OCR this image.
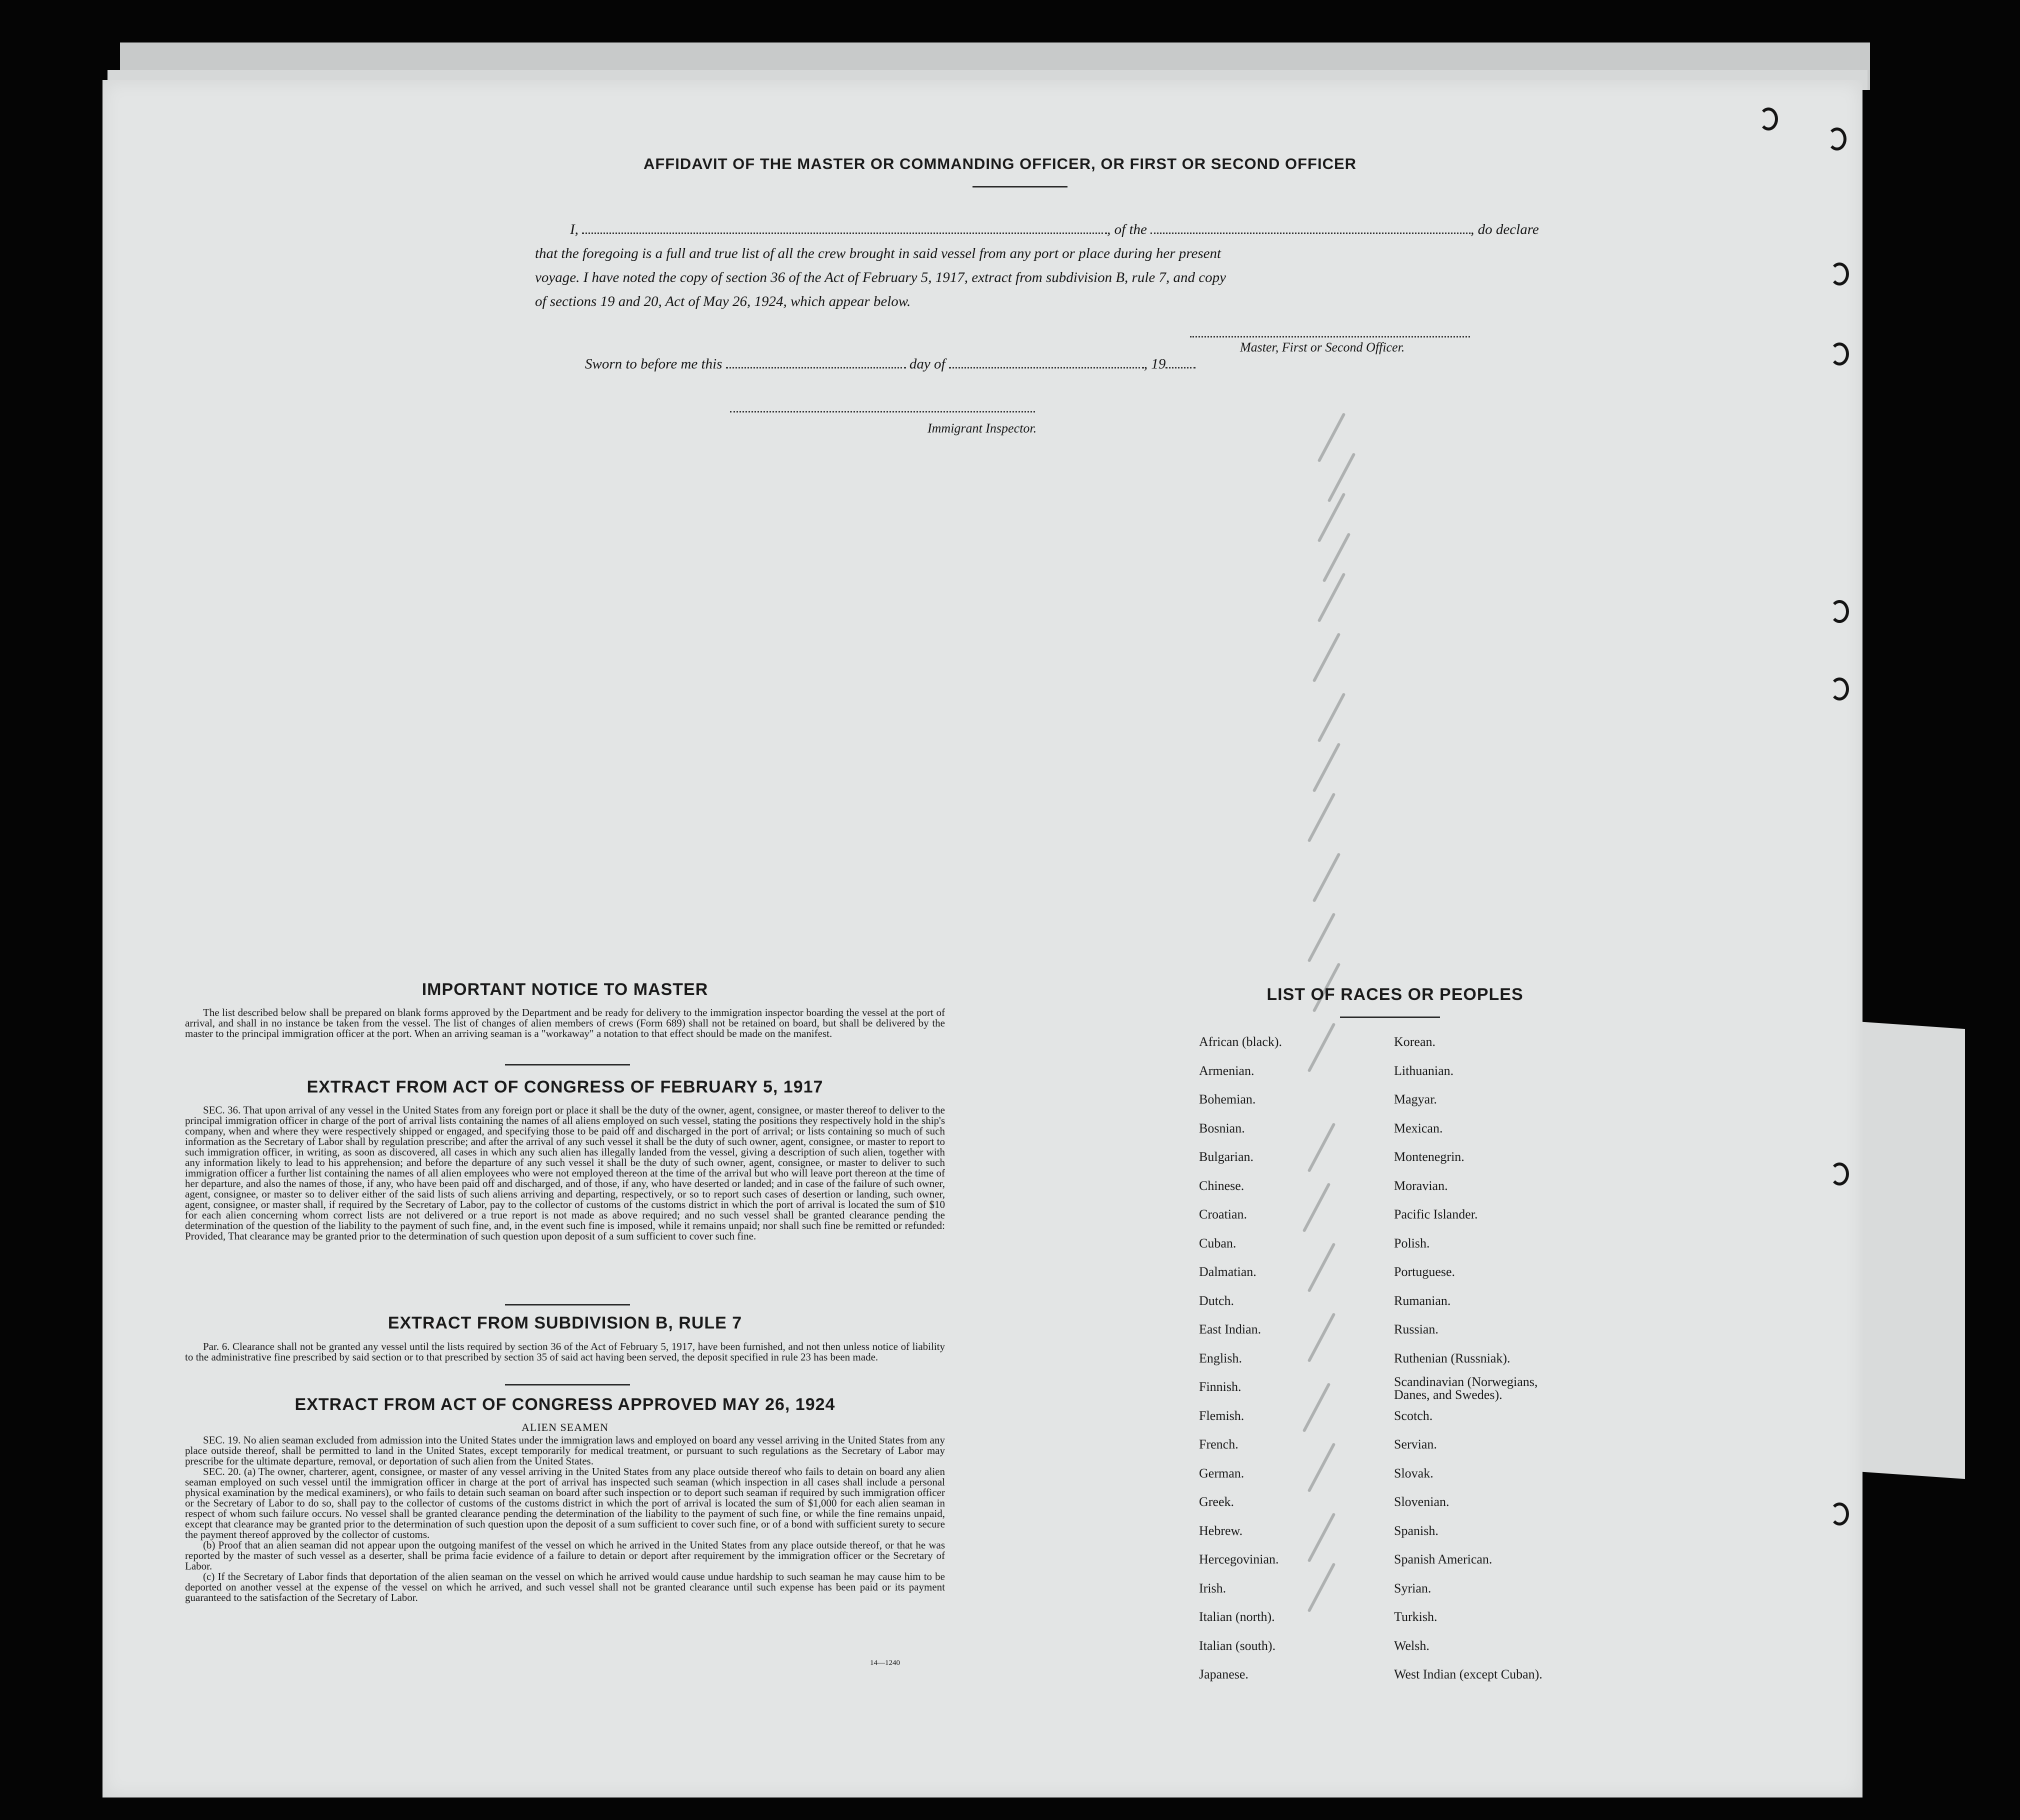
AFFIDAVIT OF THE MASTER OR COMMANDING OFFICER, OR FIRST OR SECOND OFFICER
I,	, of the	, do declare
that the foregoing is a full and true list of all the crew brought in said vessel from any port or place during her present
voyage. I have noted the copy of section 36 of the Act of February 5, 1917, extract from subdivision B, rule 7, and copy
of sections 19 and 20, Act of May 26, 1924, which appear below.
Master, First or Second Officer.
Sworn to before me this	day of	, 19
Immigrant Inspector.
IMPORTANT NOTICE TO MASTER

The list described below shall be prepared on blank forms approved by the Department and be ready for delivery to the immigration inspector boarding the vessel at the port of arrival, and shall in no instance be taken from the vessel. The list of changes of alien members of crews (Form 689) shall not be retained on board, but shall be delivered by the master to the principal immigration officer at the port. When an arriving seaman is a "workaway" a notation to that effect should be made on the manifest.

EXTRACT FROM ACT OF CONGRESS OF FEBRUARY 5, 1917

SEC. 36. That upon arrival of any vessel in the United States from any foreign port or place it shall be the duty of the owner, agent, consignee, or master thereof to deliver to the principal immigration officer in charge of the port of arrival lists containing the names of all aliens employed on such vessel, stating the positions they respectively hold in the ship's company, when and where they were respectively shipped or engaged, and specifying those to be paid off and discharged in the port of arrival; or lists containing so much of such information as the Secretary of Labor shall by regulation prescribe; and after the arrival of any such vessel it shall be the duty of such owner, agent, consignee, or master to report to such immigration officer, in writing, as soon as discovered, all cases in which any such alien has illegally landed from the vessel, giving a description of such alien, together with any information likely to lead to his apprehension; and before the departure of any such vessel it shall be the duty of such owner, agent, consignee, or master to deliver to such immigration officer a further list containing the names of all alien employees who were not employed thereon at the time of the arrival but who will leave port thereon at the time of her departure, and also the names of those, if any, who have been paid off and discharged, and of those, if any, who have deserted or landed; and in case of the failure of such owner, agent, consignee, or master so to deliver either of the said lists of such aliens arriving and departing, respectively, or so to report such cases of desertion or landing, such owner, agent, consignee, or master shall, if required by the Secretary of Labor, pay to the collector of customs of the customs district in which the port of arrival is located the sum of $10 for each alien concerning whom correct lists are not delivered or a true report is not made as above required; and no such vessel shall be granted clearance pending the determination of the question of the liability to the payment of such fine, and, in the event such fine is imposed, while it remains unpaid; nor shall such fine be remitted or refunded: Provided, That clearance may be granted prior to the determination of such question upon deposit of a sum sufficient to cover such fine.

EXTRACT FROM SUBDIVISION B, RULE 7

Par. 6. Clearance shall not be granted any vessel until the lists required by section 36 of the Act of February 5, 1917, have been furnished, and not then unless notice of liability to the administrative fine prescribed by said section or to that prescribed by section 35 of said act having been served, the deposit specified in rule 23 has been made.

EXTRACT FROM ACT OF CONGRESS APPROVED MAY 26, 1924
ALIEN SEAMEN

SEC. 19. No alien seaman excluded from admission into the United States under the immigration laws and employed on board any vessel arriving in the United States from any place outside thereof, shall be permitted to land in the United States, except temporarily for medical treatment, or pursuant to such regulations as the Secretary of Labor may prescribe for the ultimate departure, removal, or deportation of such alien from the United States.

SEC. 20. (a) The owner, charterer, agent, consignee, or master of any vessel arriving in the United States from any place outside thereof who fails to detain on board any alien seaman employed on such vessel until the immigration officer in charge at the port of arrival has inspected such seaman (which inspection in all cases shall include a personal physical examination by the medical examiners), or who fails to detain such seaman on board after such inspection or to deport such seaman if required by such immigration officer or the Secretary of Labor to do so, shall pay to the collector of customs of the customs district in which the port of arrival is located the sum of $1,000 for each alien seaman in respect of whom such failure occurs. No vessel shall be granted clearance pending the determination of the liability to the payment of such fine, or while the fine remains unpaid, except that clearance may be granted prior to the determination of such question upon the deposit of a sum sufficient to cover such fine, or of a bond with sufficient surety to secure the payment thereof approved by the collector of customs.

(b) Proof that an alien seaman did not appear upon the outgoing manifest of the vessel on which he arrived in the United States from any place outside thereof, or that he was reported by the master of such vessel as a deserter, shall be prima facie evidence of a failure to detain or deport after requirement by the immigration officer or the Secretary of Labor.

(c) If the Secretary of Labor finds that deportation of the alien seaman on the vessel on which he arrived would cause undue hardship to such seaman he may cause him to be deported on another vessel at the expense of the vessel on which he arrived, and such vessel shall not be granted clearance until such expense has been paid or its payment guaranteed to the satisfaction of the Secretary of Labor.

14—1240
LIST OF RACES OR PEOPLES
African (black).
Armenian.
Bohemian.
Bosnian.
Bulgarian.
Chinese.
Croatian.
Cuban.
Dalmatian.
Dutch.
East Indian.
English.
Finnish.
Flemish.
French.
German.
Greek.
Hebrew.
Hercegovinian.
Irish.
Italian (north).
Italian (south).
Japanese.
Korean.
Lithuanian.
Magyar.
Mexican.
Montenegrin.
Moravian.
Pacific Islander.
Polish.
Portuguese.
Rumanian.
Russian.
Ruthenian (Russniak).
Scandinavian (Norwegians, Danes, and Swedes).
Scotch.
Servian.
Slovak.
Slovenian.
Spanish.
Spanish American.
Syrian.
Turkish.
Welsh.
West Indian (except Cuban).
